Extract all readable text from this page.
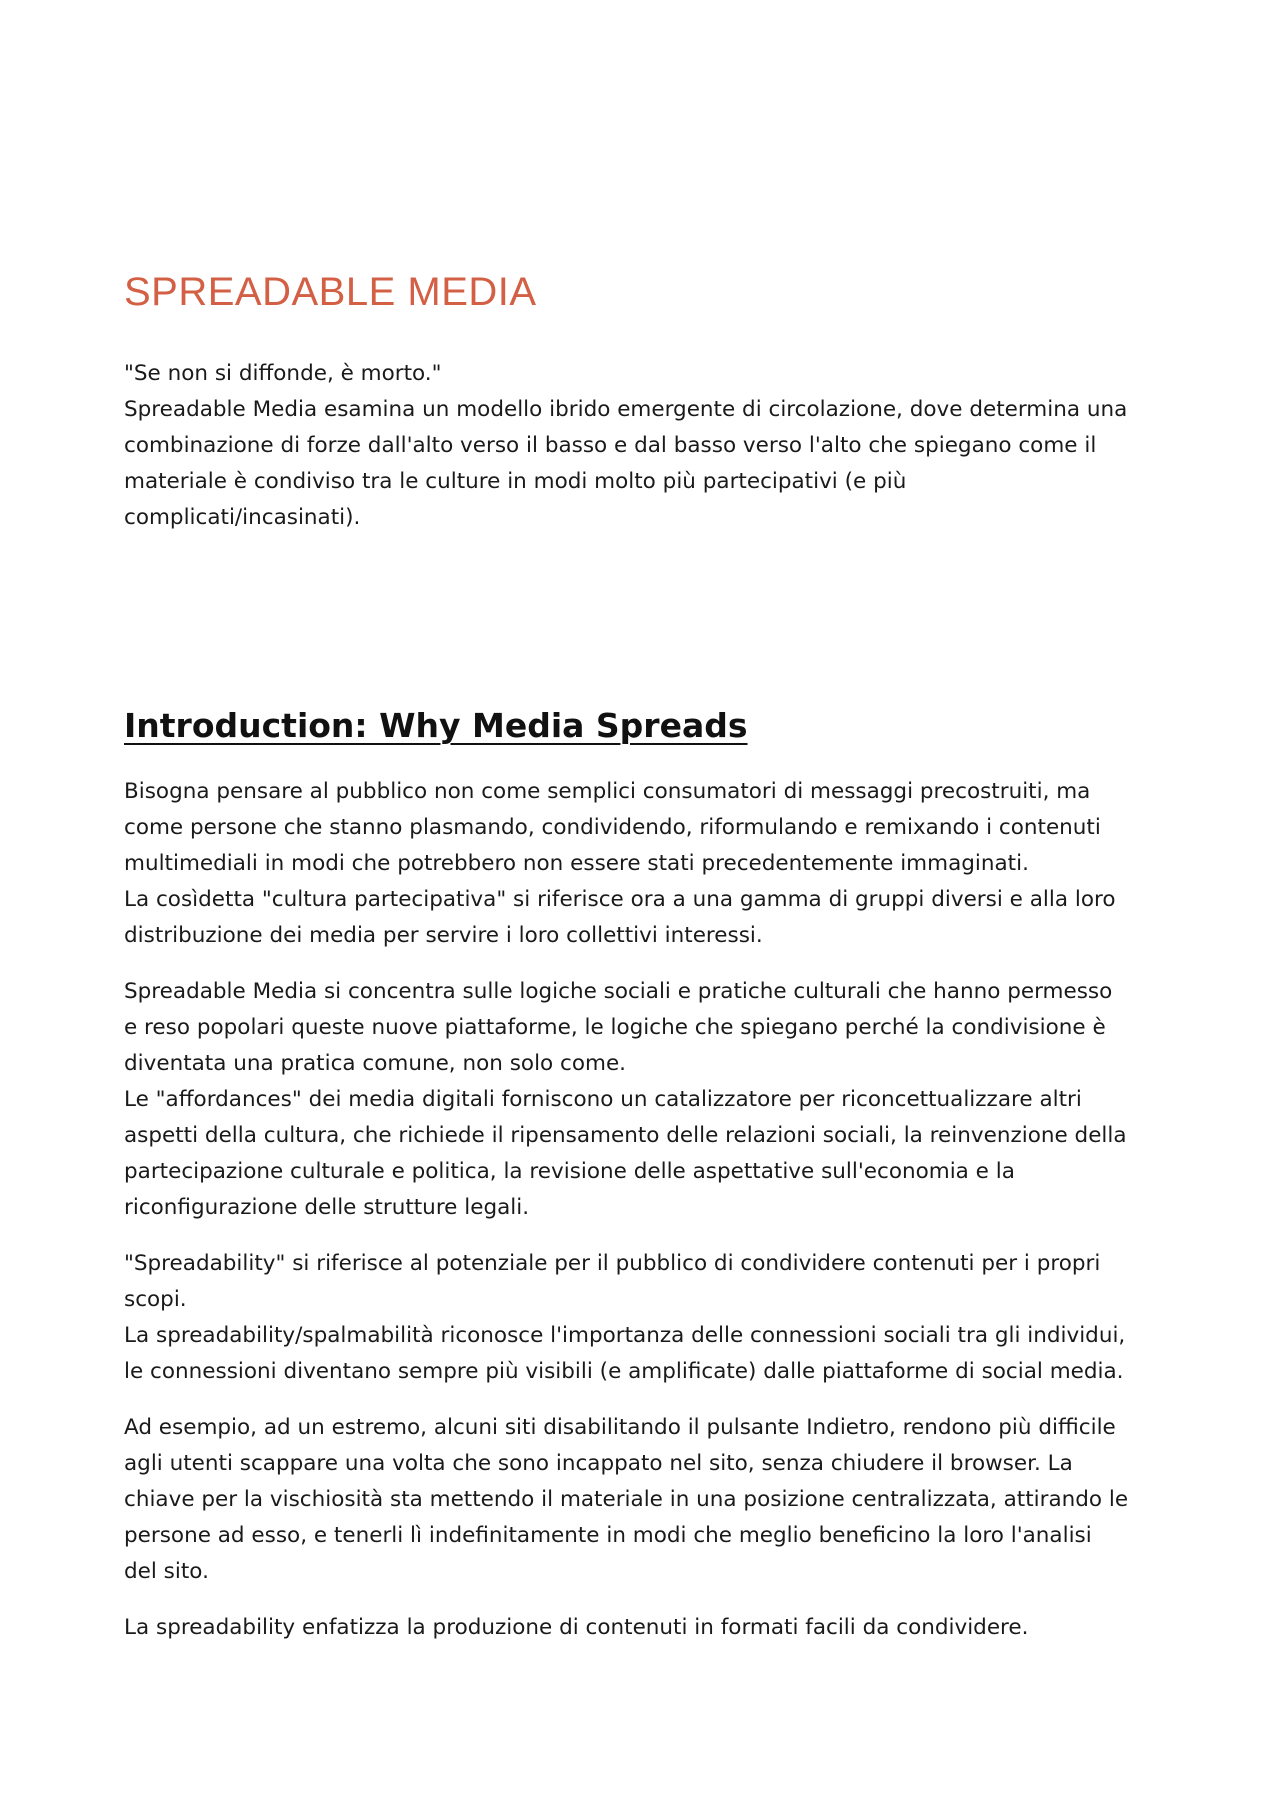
SPREADABLE MEDIA

"Se non si diffonde, è morto."

Spreadable Media esamina un modello ibrido emergente di circolazione, dove determina una combinazione di forze dall'alto verso il basso e dal basso verso l'alto che spiegano come il materiale è condiviso tra le culture in modi molto più partecipativi (e più complicati/incasinati).

Introduction: Why Media Spreads

Bisogna pensare al pubblico non come semplici consumatori di messaggi precostruiti, ma come persone che stanno plasmando, condividendo, riformulando e remixando i contenuti multimediali in modi che potrebbero non essere stati precedentemente immaginati.

La cosìdetta "cultura partecipativa" si riferisce ora a una gamma di gruppi diversi e alla loro distribuzione dei media per servire i loro collettivi interessi.

Spreadable Media si concentra sulle logiche sociali e pratiche culturali che hanno permesso e reso popolari queste nuove piattaforme, le logiche che spiegano perché la condivisione è diventata una pratica comune, non solo come.

Le "affordances" dei media digitali forniscono un catalizzatore per riconcettualizzare altri aspetti della cultura, che richiede il ripensamento delle relazioni sociali, la reinvenzione della partecipazione culturale e politica, la revisione delle aspettative sull'economia e la riconfigurazione delle strutture legali.

"Spreadability" si riferisce al potenziale per il pubblico di condividere contenuti per i propri scopi.

La spreadability/spalmabilità riconosce l'importanza delle connessioni sociali tra gli individui, le connessioni diventano sempre più visibili (e amplificate) dalle piattaforme di social media.

Ad esempio, ad un estremo, alcuni siti disabilitando il pulsante Indietro, rendono più difficile agli utenti scappare una volta che sono incappato nel sito, senza chiudere il browser. La chiave per la vischiosità sta mettendo il materiale in una posizione centralizzata, attirando le persone ad esso, e tenerli lì indefinitamente in modi che meglio beneficino la loro l'analisi del sito.

La spreadability enfatizza la produzione di contenuti in formati facili da condividere.
